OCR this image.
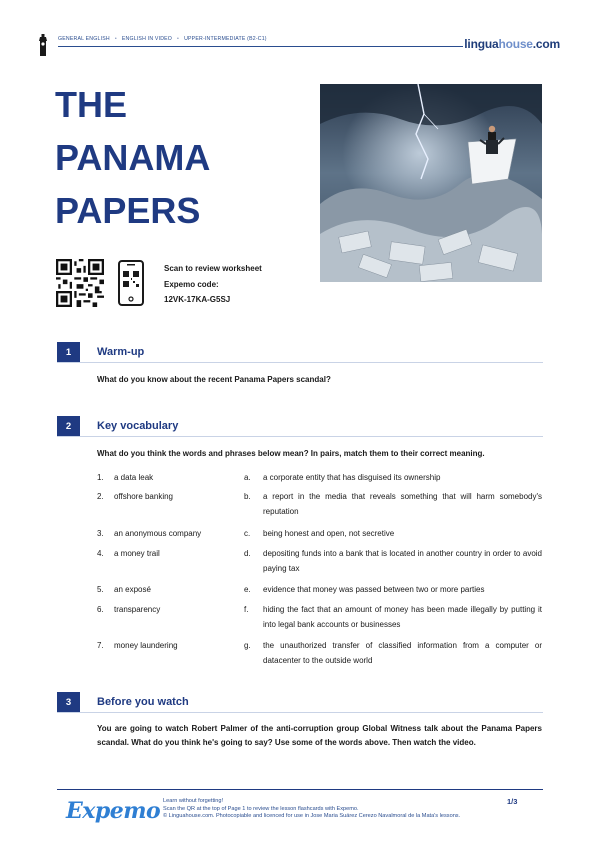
GENERAL ENGLISH • ENGLISH IN VIDEO • UPPER-INTERMEDIATE (B2-C1)	linguahouse.com
THE
PANAMA
PAPERS
Scan to review worksheet
Expemo code:
12VK-17KA-G5SJ
1	Warm-up
What do you know about the recent Panama Papers scandal?
2	Key vocabulary
What do you think the words and phrases below mean? In pairs, match them to their correct meaning.
1.	a data leak	a.	a corporate entity that has disguised its ownership
2.	offshore banking	b.	a report in the media that reveals something that will harm somebody's reputation
3.	an anonymous company	c.	being honest and open, not secretive
4.	a money trail	d.	depositing funds into a bank that is located in another country in order to avoid paying tax
5.	an exposé	e.	evidence that money was passed between two or more parties
6.	transparency	f.	hiding the fact that an amount of money has been made illegally by putting it into legal bank accounts or businesses
7.	money laundering	g.	the unauthorized transfer of classified information from a computer or datacenter to the outside world
3	Before you watch
You are going to watch Robert Palmer of the anti-corruption group Global Witness talk about the Panama Papers scandal. What do you think he's going to say? Use some of the words above. Then watch the video.
Expemo Learn without forgetting!
Scan the QR at the top of Page 1 to review the lesson flashcards with Expemo.
© Linguahouse.com. Photocopiable and licenced for use in Jose Maria Suárez Cerezo Navalmoral de la Mata's lessons.
1/3
